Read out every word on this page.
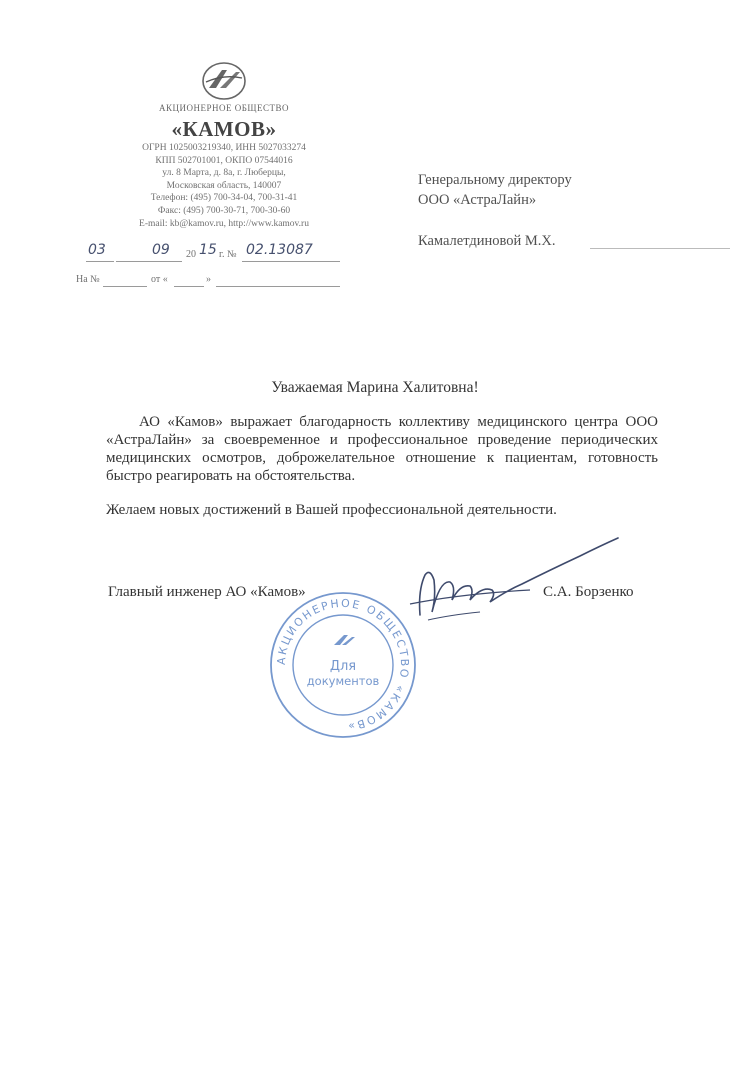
АКЦИОНЕРНОЕ ОБЩЕСТВО
«КАМОВ»
ОГРН 1025003219340, ИНН 5027033274
КПП 502701001, ОКПО 07544016
ул. 8 Марта, д. 8а, г. Люберцы,
Московская область, 140007
Телефон: (495) 700-34-04, 700-31-41
Факс: (495) 700-30-71, 700-30-60
E-mail: kb@kamov.ru, http://www.kamov.ru
03	09 20 15 г. № 02.13087
На №	от «	»
Генеральному директору
ООО «АстраЛайн»
Камалетдиновой М.Х.
Уважаемая Марина Халитовна!
АО «Камов» выражает благодарность коллективу медицинского центра ООО «АстраЛайн» за своевременное и профессиональное проведение периодических медицинских осмотров, доброжелательное отношение к пациентам, готовность быстро реагировать на обстоятельства.
Желаем новых достижений в Вашей профессиональной деятельности.
Главный инженер АО «Камов»	С.А. Борзенко
АКЦИОНЕРНОЕ ОБЩЕСТВО «КАМОВ»
Для
документов
